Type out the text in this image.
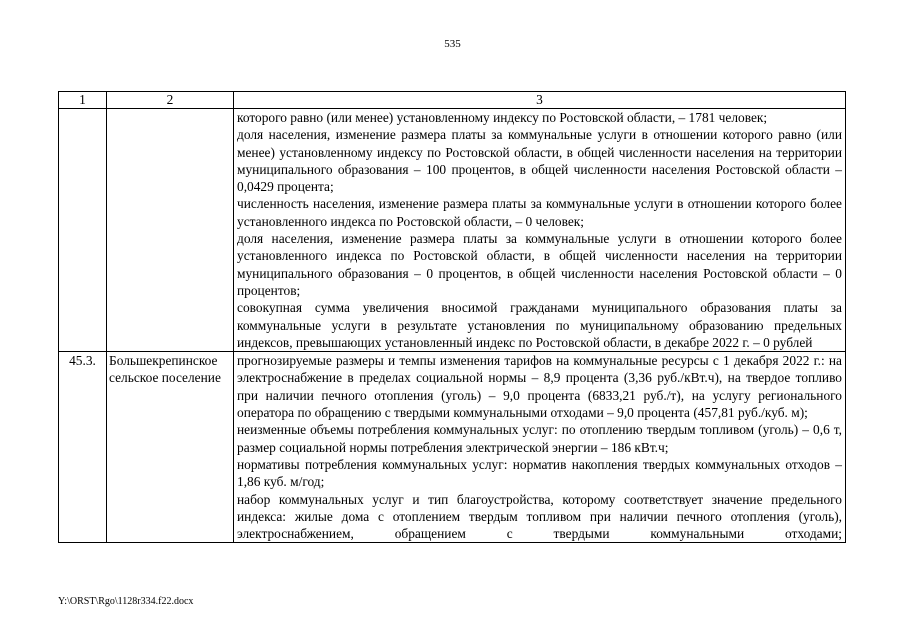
535
1	2	3

		которого равно (или менее) установленному индексу по Ростовской области, – 1781 человек;
доля населения, изменение размера платы за коммунальные услуги в отношении которого равно (или менее) установленному индексу по Ростовской области, в общей численности населения на территории муниципального образования – 100 процентов, в общей численности населения Ростовской области – 0,0429 процента;
численность населения, изменение размера платы за коммунальные услуги в отношении которого более установленного индекса по Ростовской области, – 0 человек;
доля населения, изменение размера платы за коммунальные услуги в отношении которого более установленного индекса по Ростовской области, в общей численности населения на территории муниципального образования – 0 процентов, в общей численности населения Ростовской области – 0 процентов;
совокупная сумма увеличения вносимой гражданами муниципального образования платы за коммунальные услуги в результате установления по муниципальному образованию предельных индексов, превышающих установленный индекс по Ростовской области, в декабре 2022 г. – 0 рублей

45.3.	Большекрепинское сельское поселение	прогнозируемые размеры и темпы изменения тарифов на коммунальные ресурсы с 1 декабря 2022 г.: на электроснабжение в пределах социальной нормы – 8,9 процента (3,36 руб./кВт.ч), на твердое топливо при наличии печного отопления (уголь) – 9,0 процента (6833,21 руб./т), на услугу регионального оператора по обращению с твердыми коммунальными отходами – 9,0 процента (457,81 руб./куб. м);
неизменные объемы потребления коммунальных услуг: по отоплению твердым топливом (уголь) – 0,6 т, размер социальной нормы потребления электрической энергии – 186 кВт.ч;
нормативы потребления коммунальных услуг: норматив накопления твердых коммунальных отходов – 1,86 куб. м/год;
набор коммунальных услуг и тип благоустройства, которому соответствует значение предельного индекса: жилые дома с отоплением твердым топливом при наличии печного отопления (уголь), электроснабжением, обращением с твердыми коммунальными отходами;
Y:\ORST\Rgo\1128r334.f22.docx
